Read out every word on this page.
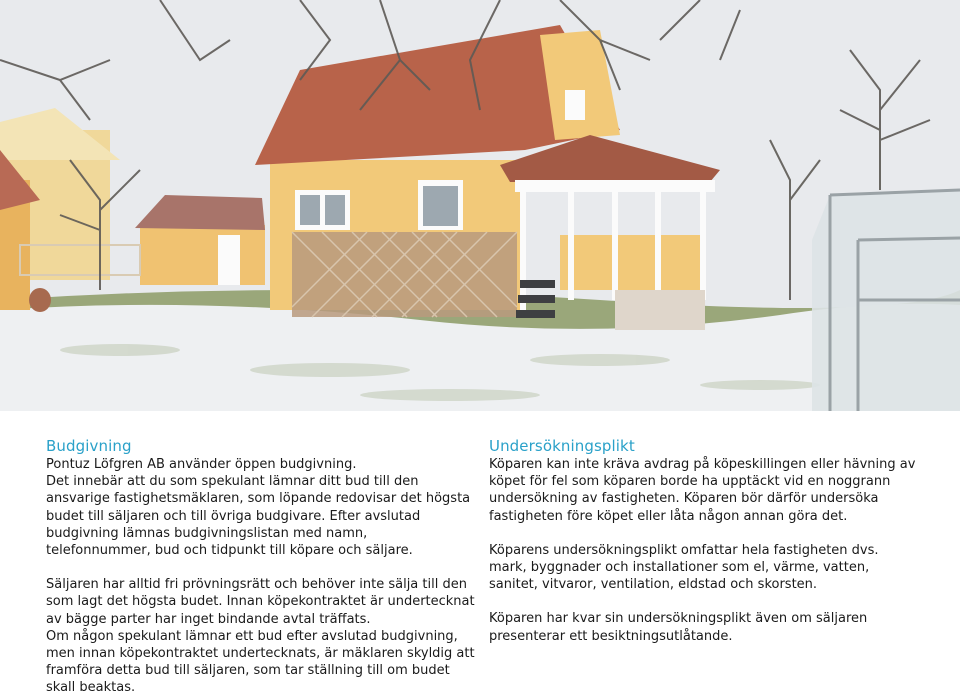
Budgivning

Pontuz Löfgren AB använder öppen budgivning.

Det innebär att du som spekulant lämnar ditt bud till den ansvarige fastighetsmäklaren, som löpande redovisar det högsta budet till säljaren och till övriga budgivare. Efter avslutad budgivning lämnas budgivningslistan med namn, telefonnummer, bud och tidpunkt till köpare och säljare.

Säljaren har alltid fri prövningsrätt och behöver inte sälja till den som lagt det högsta budet. Innan köpekontraktet är undertecknat av bägge parter har inget bindande avtal träffats.

Om någon spekulant lämnar ett bud efter avslutad budgivning, men innan köpekontraktet undertecknats, är mäklaren skyldig att framföra detta bud till säljaren, som tar ställning till om budet skall beaktas.

Undersökningsplikt

Köparen kan inte kräva avdrag på köpeskillingen eller hävning av köpet för fel som köparen borde ha upptäckt vid en noggrann undersökning av fastigheten. Köparen bör därför undersöka fastigheten före köpet eller låta någon annan göra det.

Köparens undersökningsplikt omfattar hela fastigheten dvs. mark, byggnader och installationer som el, värme, vatten, sanitet, vitvaror, ventilation, eldstad och skorsten.

Köparen har kvar sin undersökningsplikt även om säljaren presenterar ett besiktningsutlåtande.
